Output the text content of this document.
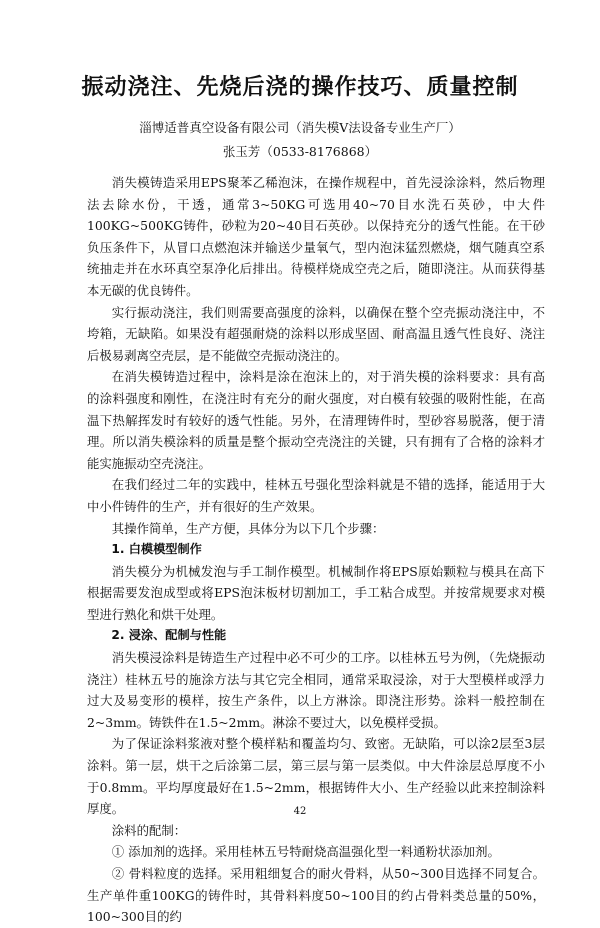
振动浇注、先烧后浇的操作技巧、质量控制
淄博适普真空设备有限公司（消失模Ⅴ法设备专业生产厂）
张玉芳（0533-8176868）

消失模铸造采用EPS聚苯乙稀泡沫，在操作规程中，首先浸涂涂料，然后物理法去除水份，干透，通常3~50KG可选用40~70目水洗石英砂，中大件100KG~500KG铸件，砂粒为20~40目石英砂。以保持充分的透气性能。在干砂负压条件下，从冒口点燃泡沫并输送少量氧气，型内泡沫猛烈燃烧，烟气随真空系统抽走并在水环真空泵净化后排出。待模样烧成空壳之后，随即浇注。从而获得基本无碳的优良铸件。

实行振动浇注，我们则需要高强度的涂料，以确保在整个空壳振动浇注中，不垮箱，无缺陷。如果没有超强耐烧的涂料以形成坚固、耐高温且透气性良好、浇注后极易剥离空壳层，是不能做空壳振动浇注的。

在消失模铸造过程中，涂料是涂在泡沫上的，对于消失模的涂料要求：具有高的涂料强度和刚性，在浇注时有充分的耐火强度，对白模有较强的吸附性能，在高温下热解挥发时有较好的透气性能。另外，在清理铸件时，型砂容易脱落，便于清理。所以消失模涂料的质量是整个振动空壳浇注的关键，只有拥有了合格的涂料才能实施振动空壳浇注。

在我们经过二年的实践中，桂林五号强化型涂料就是不错的选择，能适用于大中小件铸件的生产，并有很好的生产效果。

其操作简单，生产方便，具体分为以下几个步骤：

1. 白模模型制作

消失模分为机械发泡与手工制作模型。机械制作将EPS原始颗粒与模具在高下根据需要发泡成型或将EPS泡沫板材切割加工，手工粘合成型。并按常规要求对模型进行熟化和烘干处理。

2. 浸涂、配制与性能

消失模浸涂料是铸造生产过程中必不可少的工序。以桂林五号为例，（先烧振动浇注）桂林五号的施涂方法与其它完全相同，通常采取浸涂，对于大型模样或浮力过大及易变形的模样，按生产条件，以上方淋涂。即浇注形势。涂料一般控制在2~3mm。铸铁件在1.5~2mm。淋涂不要过大，以免模样受损。

为了保证涂料浆液对整个模样粘和覆盖均匀、致密。无缺陷，可以涂2层至3层涂料。第一层，烘干之后涂第二层，第三层与第一层类似。中大件涂层总厚度不小于0.8mm。平均厚度最好在1.5~2mm，根据铸件大小、生产经验以此来控制涂料厚度。

涂料的配制：

① 添加剂的选择。采用桂林五号特耐烧高温强化型一料通粉状添加剂。

② 骨料粒度的选择。采用粗细复合的耐火骨料，从50~300目选择不同复合。生产单件重100KG的铸件时，其骨料料度50~100目的约占骨料类总量的50%，100~300目的约

42
